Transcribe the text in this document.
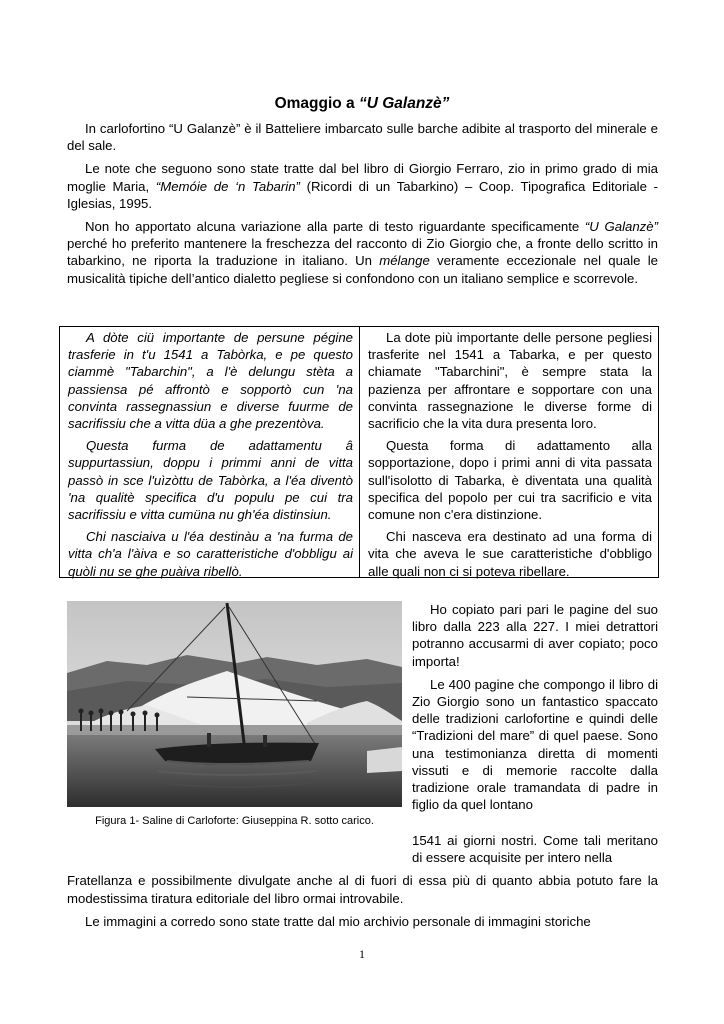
Omaggio a “U Galanzè”

In carlofortino “U Galanzè” è il Batteliere imbarcato sulle barche adibite al trasporto del minerale e del sale.

Le note che seguono sono state tratte dal bel libro di Giorgio Ferraro, zio in primo grado di mia moglie Maria, “Memóie de ‘n Tabarin” (Ricordi di un Tabarkino) – Coop. Tipografica Editoriale - Iglesias, 1995.

Non ho apportato alcuna variazione alla parte di testo riguardante specificamente “U Galanzè” perché ho preferito mantenere la freschezza del racconto di Zio Giorgio che, a fronte dello scritto in tabarkino, ne riporta la traduzione in italiano. Un mélange veramente eccezionale nel quale le musicalità tipiche dell’antico dialetto pegliese si confondono con un italiano semplice e scorrevole.

A dòte ciü importante de persune pégine trasferie in t'u 1541 a Tabòrka, e pe questo ciammè "Tabarchin", a l'è delungu stèta a passiensa pé affrontò e sopportò cun 'na convinta rassegnassiun e diverse fuurme de sacrifissiu che a vitta düa a ghe prezentòva.

Questa furma de adattamentu â suppurtassiun, doppu i primmi anni de vitta passò in sce l'uìzòttu de Tabòrka, a l'éa diventò 'na qualitè specifica d'u populu pe cui tra sacrifissiu e vitta cumüna nu gh'éa distinsiun.

Chi nasciaiva u l'éa destinàu a 'na furma de vitta ch'a l'àiva e so caratteristiche d'obbligu ai quòli nu se ghe puàiva ribellò.

La dote più importante delle persone pegliesi trasferite nel 1541 a Tabarka, e per questo chiamate "Tabarchini", è sempre stata la pazienza per affrontare e sopportare con una convinta rassegnazione le diverse forme di sacrificio che la vita dura presenta loro.

Questa forma di adattamento alla sopportazione, dopo i primi anni di vita passata sull'isolotto di Tabarka, è diventata una qualità specifica del popolo per cui tra sacrificio e vita comune non c'era distinzione.

Chi nasceva era destinato ad una forma di vita che aveva le sue caratteristiche d'obbligo alle quali non ci si poteva ribellare.

Figura 1- Saline di Carloforte: Giuseppina R. sotto carico.

Ho copiato pari pari le pagine del suo libro dalla 223 alla 227. I miei detrattori potranno accusarmi di aver copiato; poco importa!

Le 400 pagine che compongo il libro di Zio Giorgio sono un fantastico spaccato delle tradizioni carlofortine e quindi delle “Tradizioni del mare” di quel paese. Sono una testimonianza diretta di momenti vissuti e di memorie raccolte dalla tradizione orale tramandata di padre in figlio da quel lontano

1541 ai giorni nostri. Come tali meritano di essere acquisite per intero nella

Fratellanza e possibilmente divulgate anche al di fuori di essa più di quanto abbia potuto fare la modestissima tiratura editoriale del libro ormai introvabile.

Le immagini a corredo sono state tratte dal mio archivio personale di immagini storiche

1
